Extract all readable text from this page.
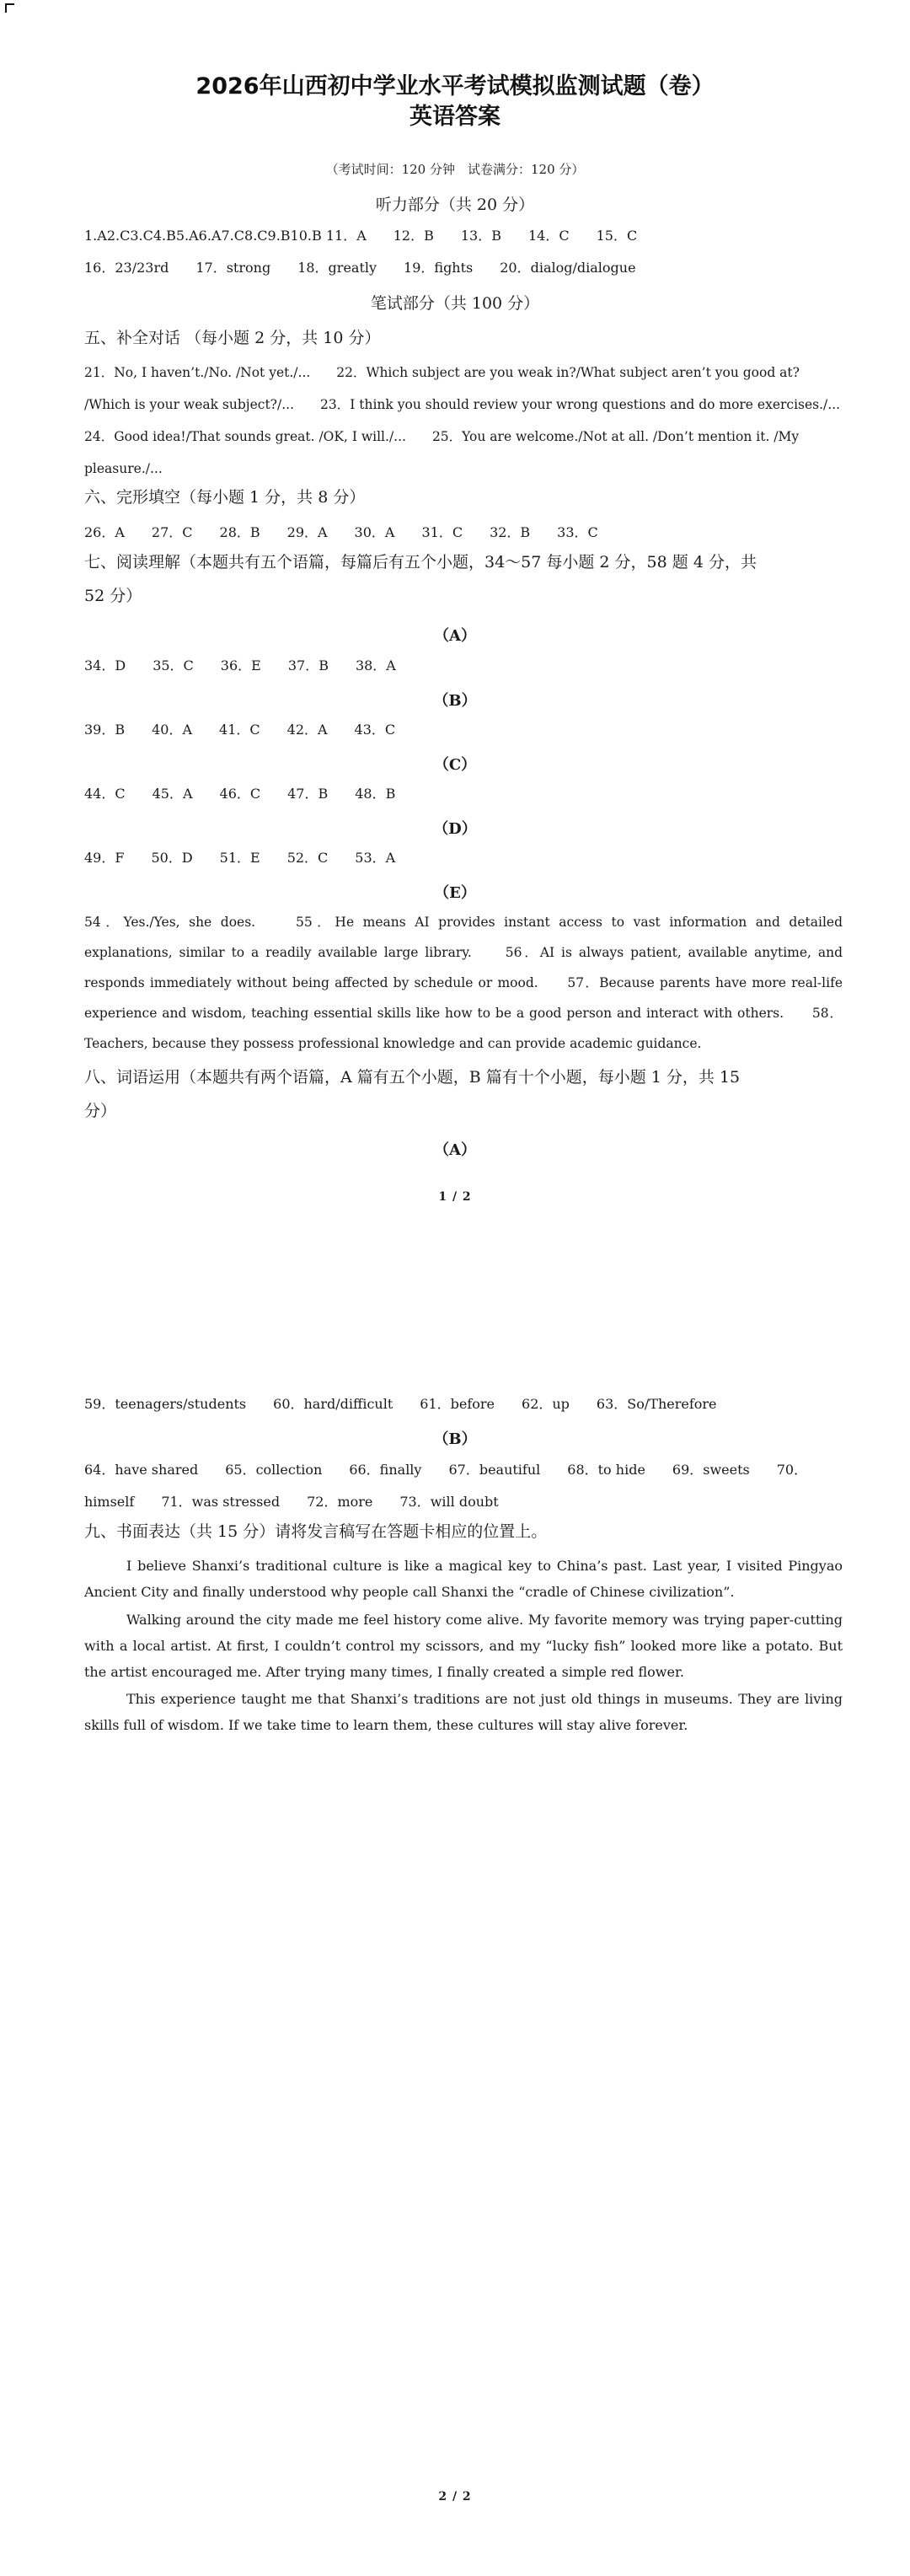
2026年山西初中学业水平考试模拟监测试题（卷）
英语答案
（考试时间：120 分钟　试卷满分：120 分）
听力部分（共 20 分）
1.A2.C3.C4.B5.A6.A7.C8.C9.B10.B 11．A　　12．B　　13．B　　14．C　　15．C
16．23/23rd　　17．strong　　18．greatly　　19．fights　　20．dialog/dialogue
笔试部分（共 100 分）
五、补全对话 （每小题 2 分，共 10 分）
21．No, I haven’t./No. /Not yet./...　　22．Which subject are you weak in?/What subject aren’t you good at?
/Which is your weak subject?/...　　23．I think you should review your wrong questions and do more exercises./...
24．Good idea!/That sounds great. /OK, I will./...　　25．You are welcome./Not at all. /Don’t mention it. /My
pleasure./...
六、完形填空（每小题 1 分，共 8 分）
26．A　　27．C　　28．B　　29．A　　30．A　　31．C　　32．B　　33．C
七、阅读理解（本题共有五个语篇，每篇后有五个小题，34～57 每小题 2 分，58 题 4 分，共
52 分）
（A）
34．D　　35．C　　36．E　　37．B　　38．A
（B）
39．B　　40．A　　41．C　　42．A　　43．C
（C）
44．C　　45．A　　46．C　　47．B　　48．B
（D）
49．F　　50．D　　51．E　　52．C　　53．A
（E）
54．Yes./Yes, she does.　　55．He means AI provides instant access to vast information and detailed explanations, similar to a readily available large library.　　56．AI is always patient, available anytime, and responds immediately without being affected by schedule or mood.　　57．Because parents have more real-life experience and wisdom, teaching essential skills like how to be a good person and interact with others.　　58．Teachers, because they possess professional knowledge and can provide academic guidance.
八、词语运用（本题共有两个语篇，A 篇有五个小题，B 篇有十个小题，每小题 1 分，共 15
分）
（A）
1 / 2
59．teenagers/students　　60．hard/difficult　　61．before　　62．up　　63．So/Therefore
（B）
64．have shared　　65．collection　　66．finally　　67．beautiful　　68．to hide　　69．sweets　　70．
himself　　71．was stressed　　72．more　　73．will doubt
九、书面表达（共 15 分）请将发言稿写在答题卡相应的位置上。
I believe Shanxi’s traditional culture is like a magical key to China’s past. Last year, I visited Pingyao Ancient City and finally understood why people call Shanxi the “cradle of Chinese civilization”.
Walking around the city made me feel history come alive. My favorite memory was trying paper-cutting with a local artist. At first, I couldn’t control my scissors, and my “lucky fish” looked more like a potato. But the artist encouraged me. After trying many times, I finally created a simple red flower.
This experience taught me that Shanxi’s traditions are not just old things in museums. They are living skills full of wisdom. If we take time to learn them, these cultures will stay alive forever.
2 / 2
